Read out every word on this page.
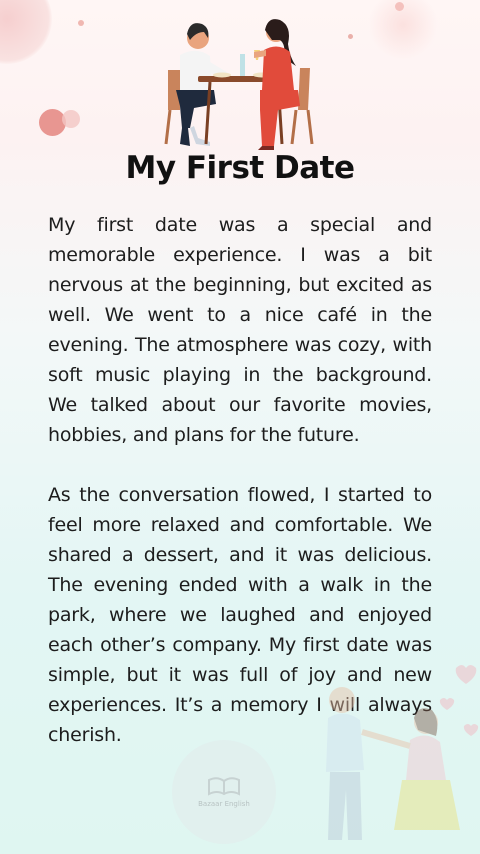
My First Date

My first date was a special and memorable experience. I was a bit nervous at the beginning, but excited as well. We went to a nice café in the evening. The atmosphere was cozy, with soft music playing in the background. We talked about our favorite movies, hobbies, and plans for the future.

As the conversation flowed, I started to feel more relaxed and comfortable. We shared a dessert, and it was delicious. The evening ended with a walk in the park, where we laughed and enjoyed each other’s company. My first date was simple, but it was full of joy and new experiences. It’s a memory I will always cherish.

Bazaar English
